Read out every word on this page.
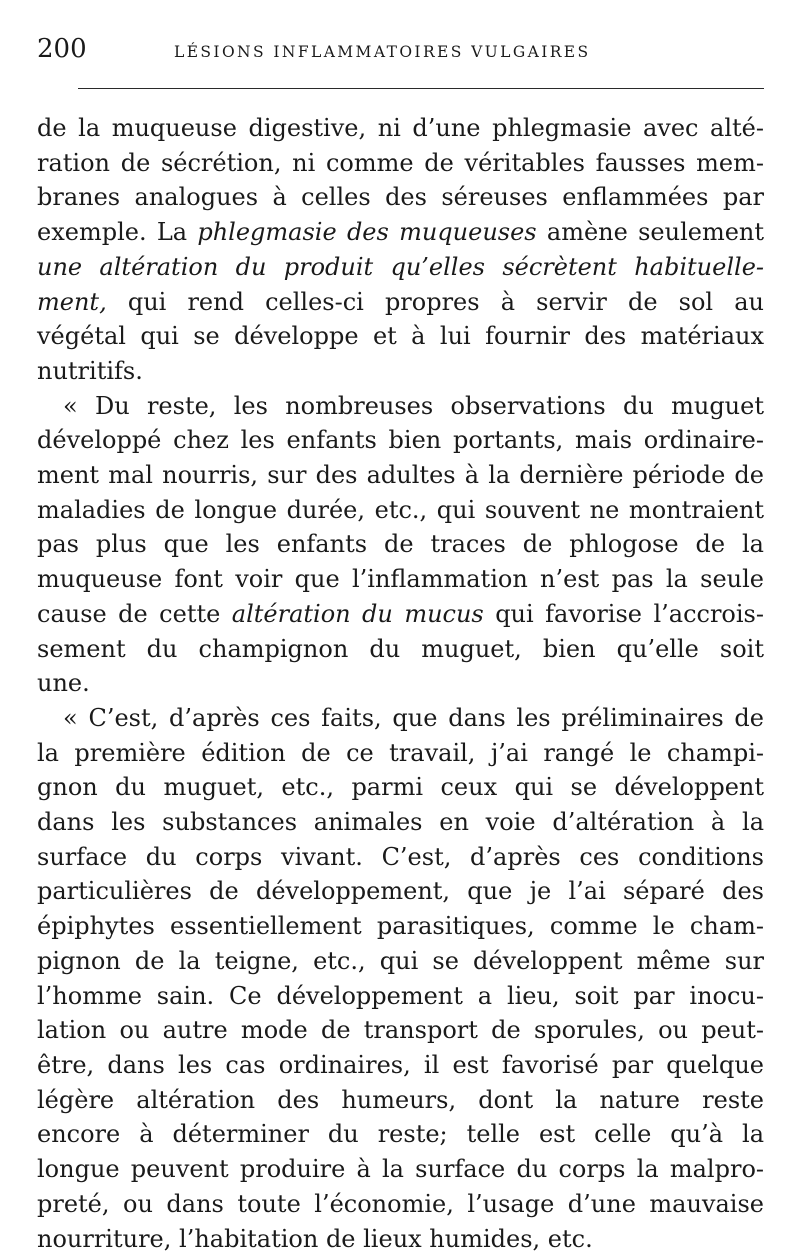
200	LÉSIONS INFLAMMATOIRES VULGAIRES
de la muqueuse digestive, ni d’une phlegmasie avec alté-
ration de sécrétion, ni comme de véritables fausses mem-
branes analogues à celles des séreuses enflammées par
exemple. La phlegmasie des muqueuses amène seulement
une altération du produit qu’elles sécrètent habituelle-
ment, qui rend celles-ci propres à servir de sol au
végétal qui se développe et à lui fournir des matériaux
nutritifs.
« Du reste, les nombreuses observations du muguet
développé chez les enfants bien portants, mais ordinaire-
ment mal nourris, sur des adultes à la dernière période de
maladies de longue durée, etc., qui souvent ne montraient
pas plus que les enfants de traces de phlogose de la
muqueuse font voir que l’inflammation n’est pas la seule
cause de cette altération du mucus qui favorise l’accrois-
sement du champignon du muguet, bien qu’elle soit
une.
« C’est, d’après ces faits, que dans les préliminaires de
la première édition de ce travail, j’ai rangé le champi-
gnon du muguet, etc., parmi ceux qui se développent
dans les substances animales en voie d’altération à la
surface du corps vivant. C’est, d’après ces conditions
particulières de développement, que je l’ai séparé des
épiphytes essentiellement parasitiques, comme le cham-
pignon de la teigne, etc., qui se développent même sur
l’homme sain. Ce développement a lieu, soit par inocu-
lation ou autre mode de transport de sporules, ou peut-
être, dans les cas ordinaires, il est favorisé par quelque
légère altération des humeurs, dont la nature reste
encore à déterminer du reste; telle est celle qu’à la
longue peuvent produire à la surface du corps la malpro-
preté, ou dans toute l’économie, l’usage d’une mauvaise
nourriture, l’habitation de lieux humides, etc.
